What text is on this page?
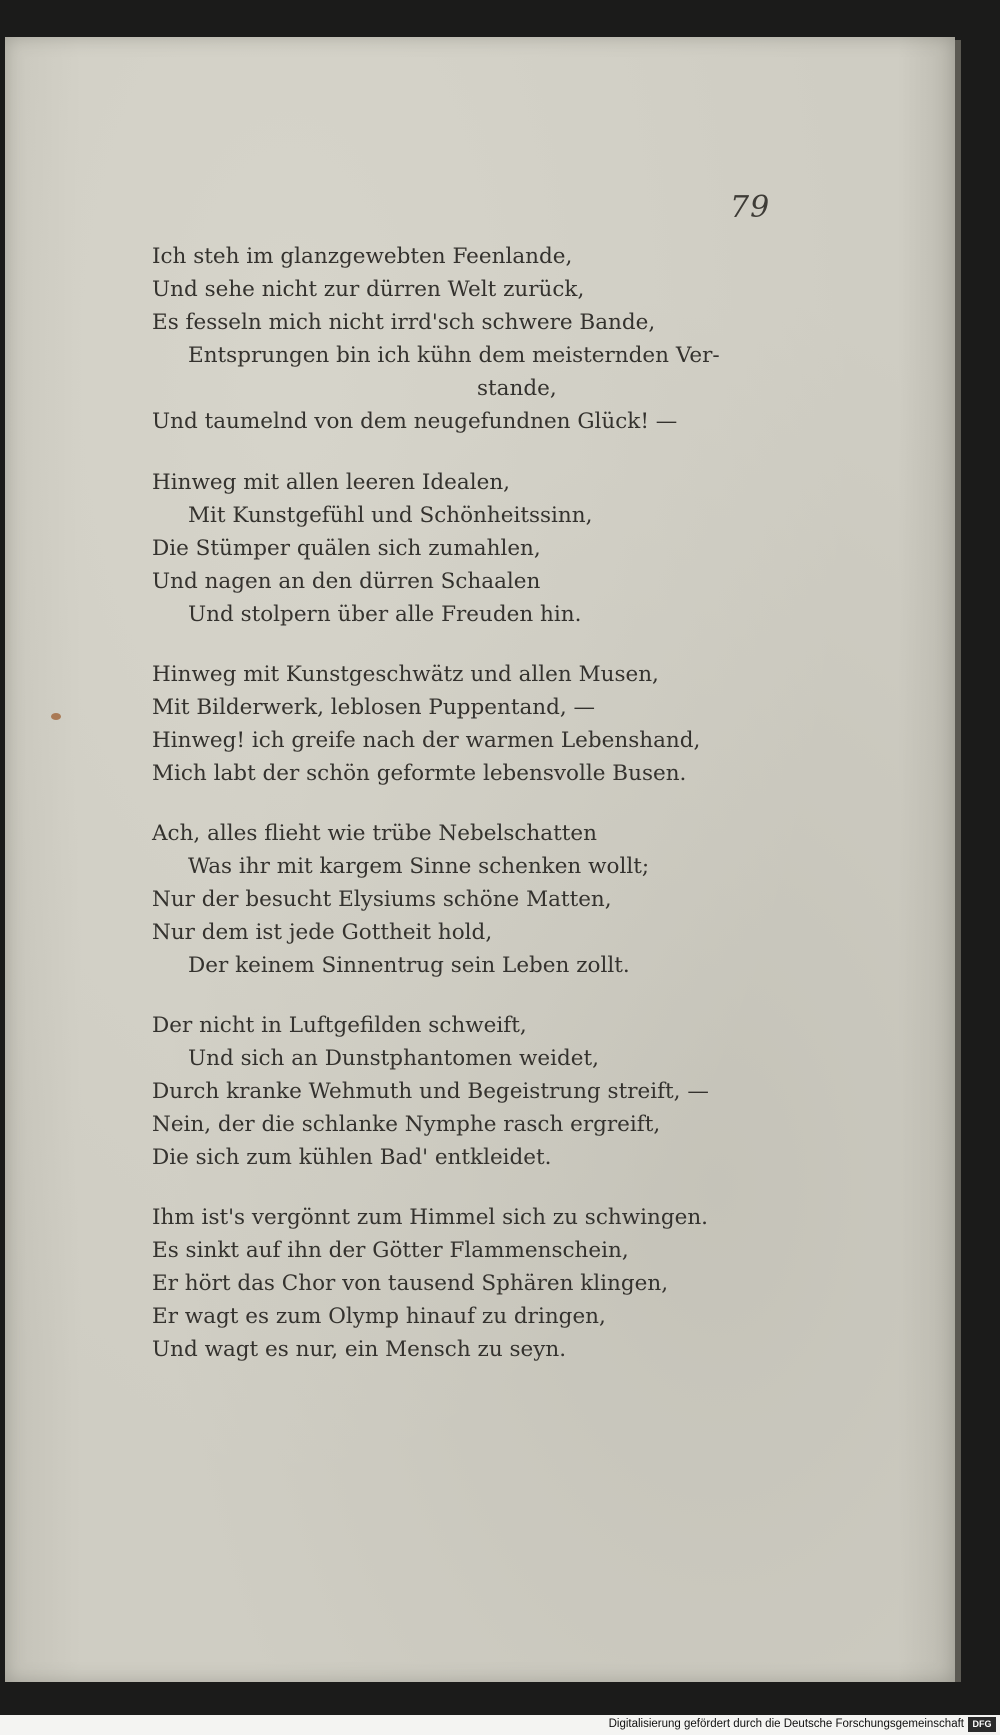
79
Ich steh im glanzgewebten Feenlande,
Und sehe nicht zur dürren Welt zurück,
Es fesseln mich nicht irrd'sch schwere Bande,
Entsprungen bin ich kühn dem meisternden Ver-
stande,
Und taumelnd von dem neugefundnen Glück! —
Hinweg mit allen leeren Idealen,
Mit Kunstgefühl und Schönheitssinn,
Die Stümper quälen sich zumahlen,
Und nagen an den dürren Schaalen
Und stolpern über alle Freuden hin.
Hinweg mit Kunstgeschwätz und allen Musen,
Mit Bilderwerk, leblosen Puppentand, —
Hinweg! ich greife nach der warmen Lebenshand,
Mich labt der schön geformte lebensvolle Busen.
Ach, alles flieht wie trübe Nebelschatten
Was ihr mit kargem Sinne schenken wollt;
Nur der besucht Elysiums schöne Matten,
Nur dem ist jede Gottheit hold,
Der keinem Sinnentrug sein Leben zollt.
Der nicht in Luftgefilden schweift,
Und sich an Dunstphantomen weidet,
Durch kranke Wehmuth und Begeistrung streift, —
Nein, der die schlanke Nymphe rasch ergreift,
Die sich zum kühlen Bad' entkleidet.
Ihm ist's vergönnt zum Himmel sich zu schwingen.
Es sinkt auf ihn der Götter Flammenschein,
Er hört das Chor von tausend Sphären klingen,
Er wagt es zum Olymp hinauf zu dringen,
Und wagt es nur, ein Mensch zu seyn.
Digitalisierung gefördert durch die Deutsche Forschungsgemeinschaft DFG
